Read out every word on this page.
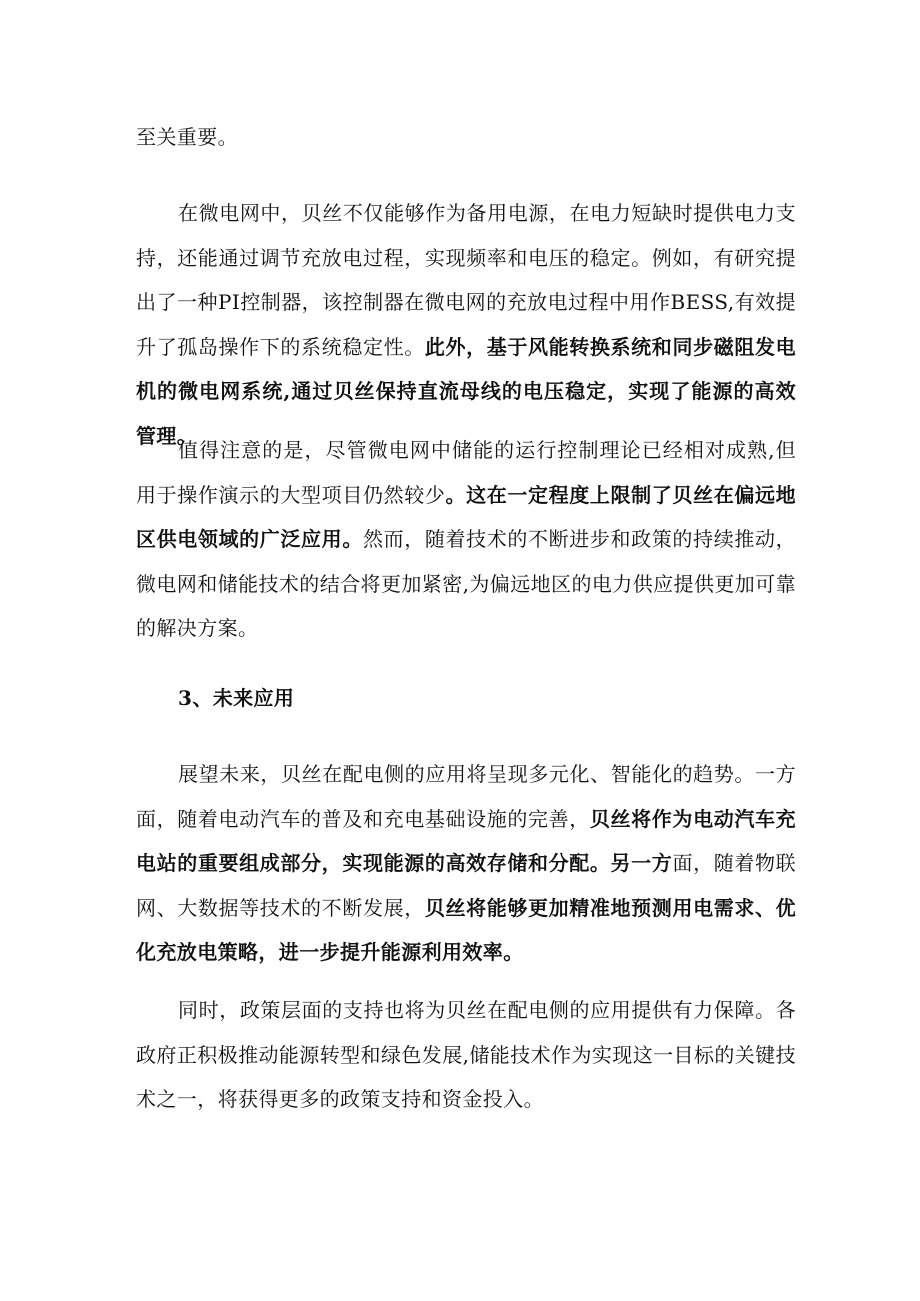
至关重要。

在微电网中，贝丝不仅能够作为备用电源，在电力短缺时提供电力支持，还能通过调节充放电过程，实现频率和电压的稳定。例如，有研究提出了一种PI控制器，该控制器在微电网的充放电过程中用作BESS,有效提升了孤岛操作下的系统稳定性。此外，基于风能转换系统和同步磁阻发电机的微电网系统,通过贝丝保持直流母线的电压稳定，实现了能源的高效管理。

值得注意的是，尽管微电网中储能的运行控制理论已经相对成熟,但用于操作演示的大型项目仍然较少。这在一定程度上限制了贝丝在偏远地区供电领域的广泛应用。然而，随着技术的不断进步和政策的持续推动，微电网和储能技术的结合将更加紧密,为偏远地区的电力供应提供更加可靠的解决方案。

3、未来应用

展望未来，贝丝在配电侧的应用将呈现多元化、智能化的趋势。一方面，随着电动汽车的普及和充电基础设施的完善，贝丝将作为电动汽车充电站的重要组成部分，实现能源的高效存储和分配。另一方面，随着物联网、大数据等技术的不断发展，贝丝将能够更加精准地预测用电需求、优化充放电策略，进一步提升能源利用效率。

同时，政策层面的支持也将为贝丝在配电侧的应用提供有力保障。各政府正积极推动能源转型和绿色发展,储能技术作为实现这一目标的关键技术之一，将获得更多的政策支持和资金投入。
